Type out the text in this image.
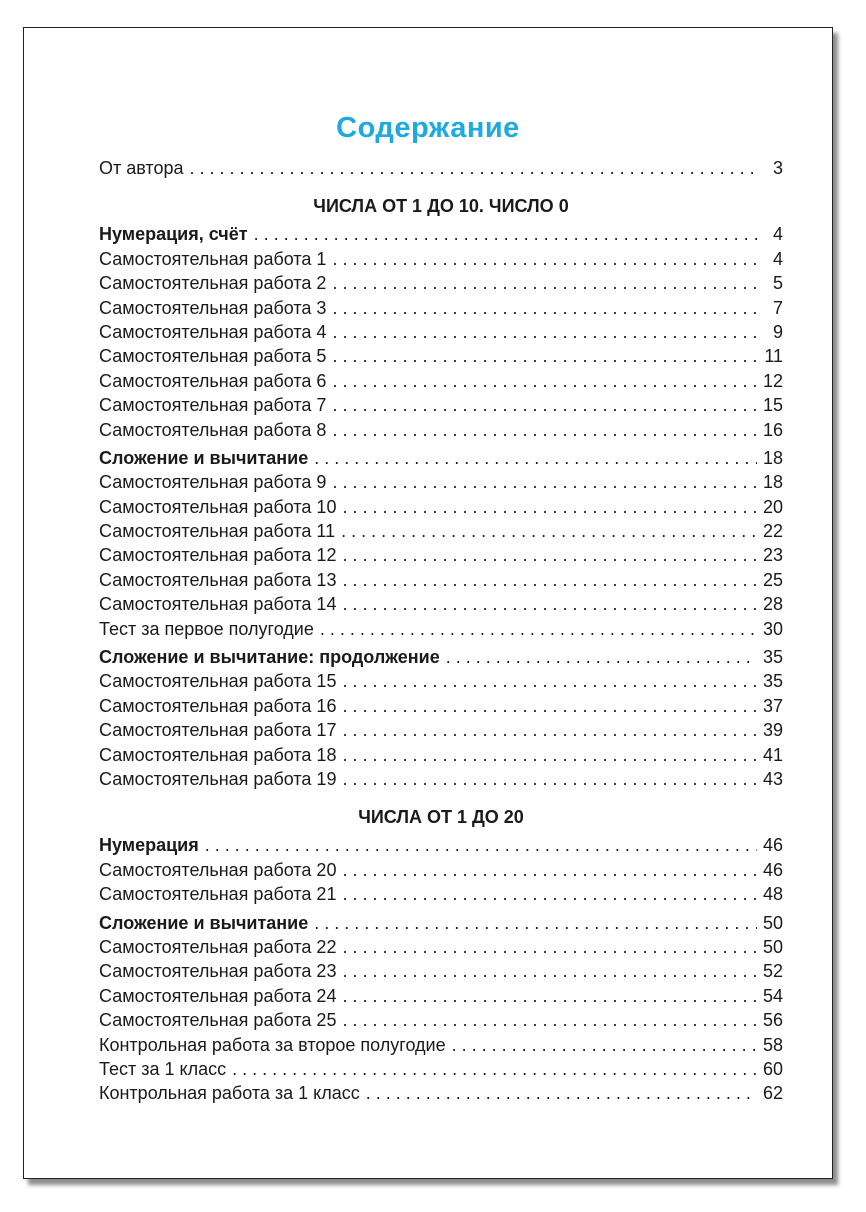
Содержание
От автора . . .	3
ЧИСЛА ОТ 1 ДО 10. ЧИСЛО 0
Нумерация, счёт . . .	4
Самостоятельная работа 1 . . .	4
Самостоятельная работа 2 . . .	5
Самостоятельная работа 3 . . .	7
Самостоятельная работа 4 . . .	9
Самостоятельная работа 5 . . .	11
Самостоятельная работа 6 . . .	12
Самостоятельная работа 7 . . .	15
Самостоятельная работа 8 . . .	16
Сложение и вычитание . . .	18
Самостоятельная работа 9 . . .	18
Самостоятельная работа 10 . . .	20
Самостоятельная работа 11 . . .	22
Самостоятельная работа 12 . . .	23
Самостоятельная работа 13 . . .	25
Самостоятельная работа 14 . . .	28
Тест за первое полугодие . . .	30
Сложение и вычитание: продолжение . . .	35
Самостоятельная работа 15 . . .	35
Самостоятельная работа 16 . . .	37
Самостоятельная работа 17 . . .	39
Самостоятельная работа 18 . . .	41
Самостоятельная работа 19 . . .	43
ЧИСЛА ОТ 1 ДО 20
Нумерация . . .	46
Самостоятельная работа 20 . . .	46
Самостоятельная работа 21 . . .	48
Сложение и вычитание . . .	50
Самостоятельная работа 22 . . .	50
Самостоятельная работа 23 . . .	52
Самостоятельная работа 24 . . .	54
Самостоятельная работа 25 . . .	56
Контрольная работа за второе полугодие . . .	58
Тест за 1 класс . . .	60
Контрольная работа за 1 класс . . .	62
